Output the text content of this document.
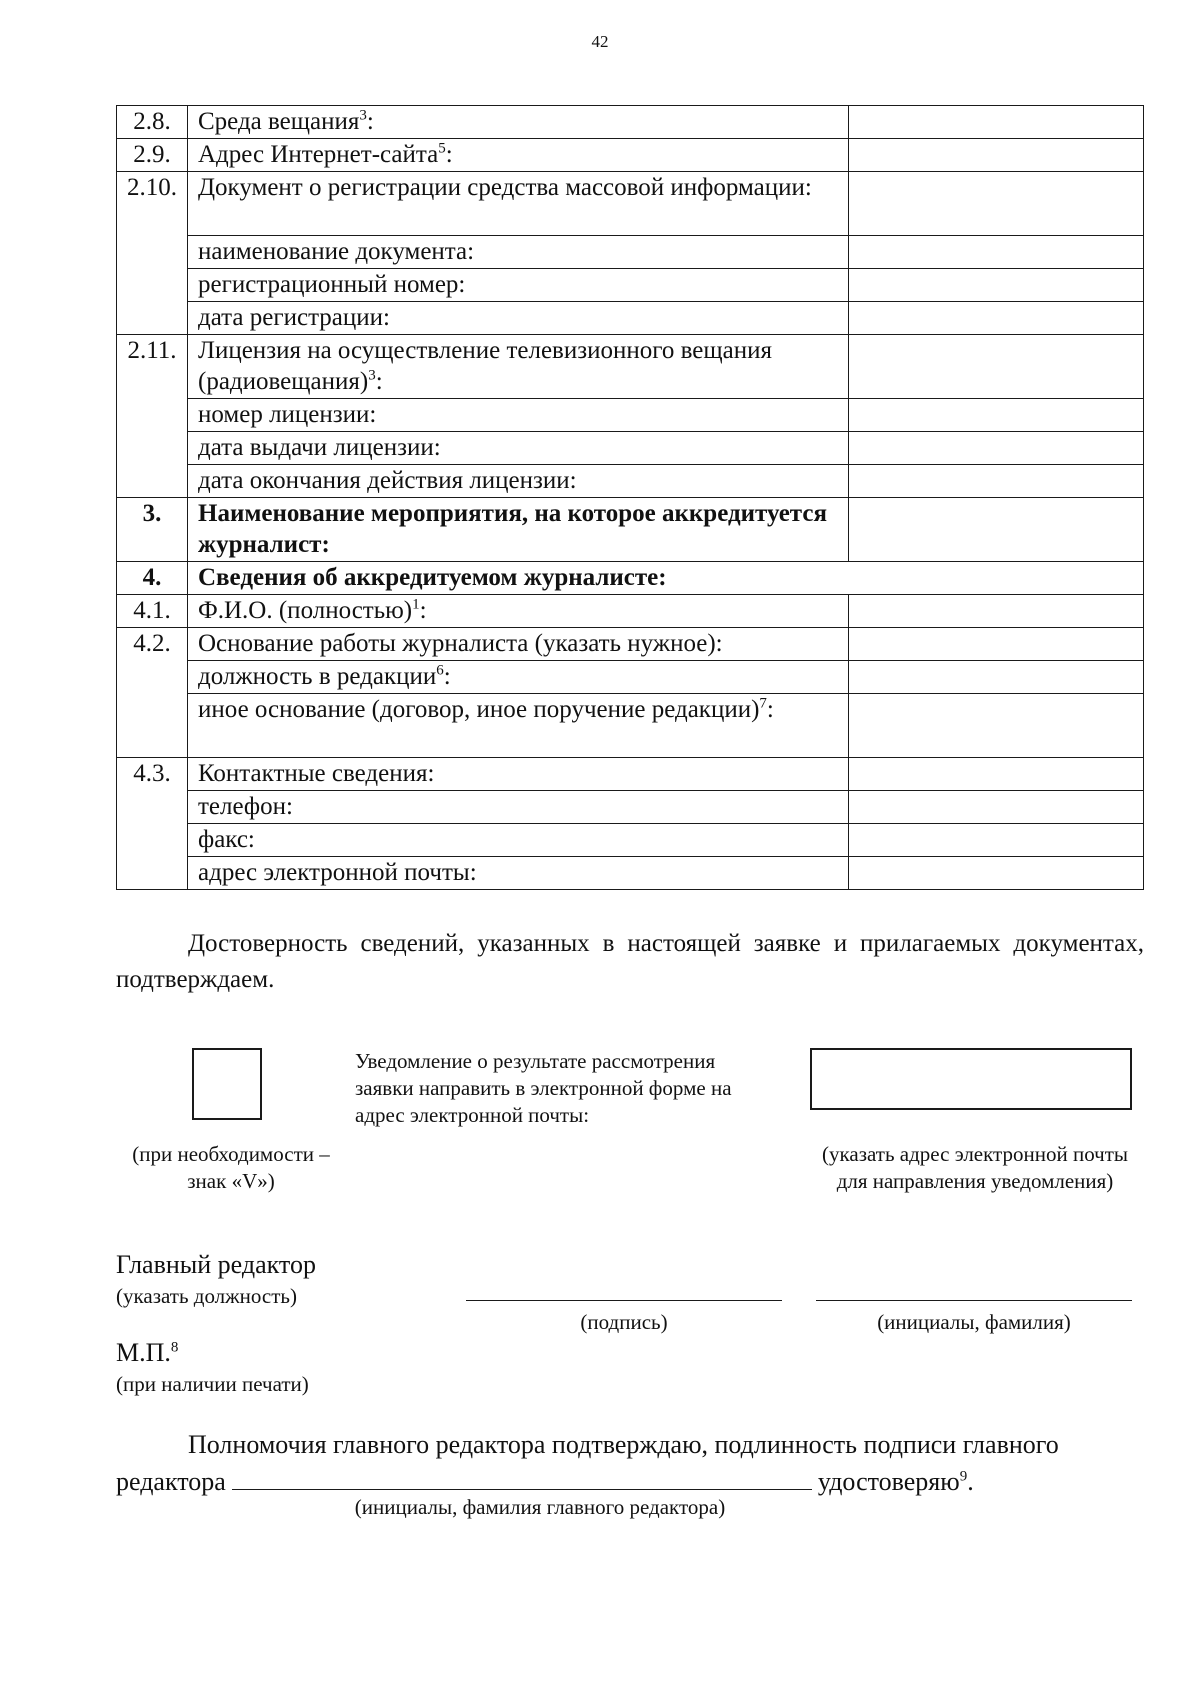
42
2.8.	Среда вещания$^3$:	
2.9.	Адрес Интернет-сайта$^5$:	
2.10.	Документ о регистрации средства массовой информации:	
	наименование документа:	
	регистрационный номер:	
	дата регистрации:	
2.11.	Лицензия на осуществление телевизионного вещания (радиовещания)$^3$:	
	номер лицензии:	
	дата выдачи лицензии:	
	дата окончания действия лицензии:	
3.	Наименование мероприятия, на которое аккредитуется журналист:	
4.	Сведения об аккредитуемом журналисте:	
4.1.	Ф.И.О. (полностью)$^1$:	
4.2.	Основание работы журналиста (указать нужное):	
	должность в редакции$^6$:	
	иное основание (договор, иное поручение редакции)$^7$:	
4.3.	Контактные сведения:	
	телефон:	
	факс:	
	адрес электронной почты:	
Достоверность сведений, указанных в настоящей заявке и прилагаемых документах, подтверждаем.
(при необходимости – знак «V»)
Уведомление о результате рассмотрения заявки направить в электронной форме на адрес электронной почты:
(указать адрес электронной почты для направления уведомления)
Главный редактор
(указать должность)
(подпись)	(инициалы, фамилия)
М.П.$^8$
(при наличии печати)
Полномочия главного редактора подтверждаю, подлинность подписи главного
редактора	удостоверяю$^9$.
(инициалы, фамилия главного редактора)
